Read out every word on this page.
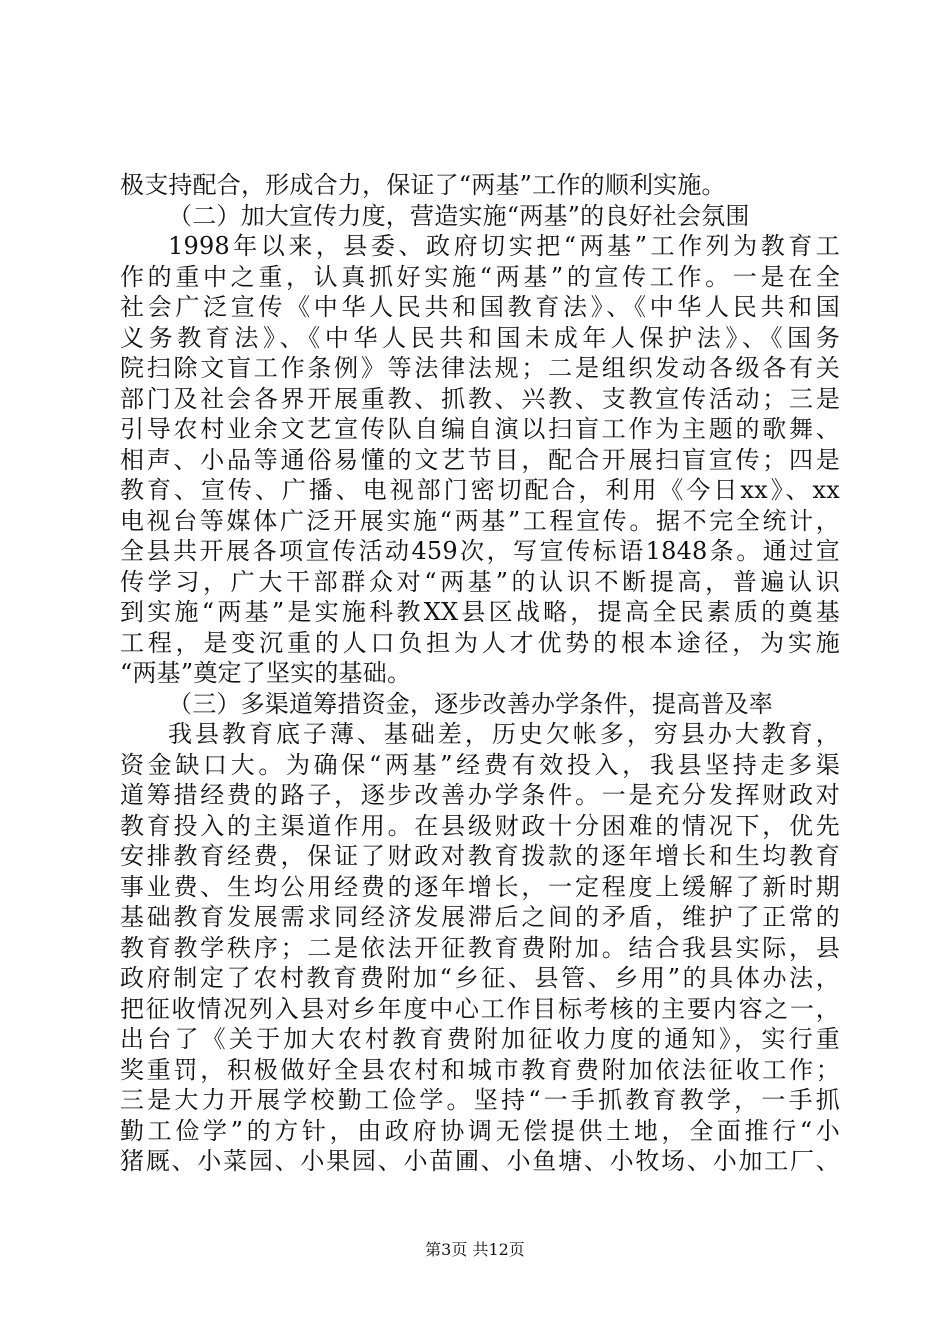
极支持配合，形成合力，保证了“两基”工作的顺利实施。
（二）加大宣传力度，营造实施“两基”的良好社会氛围
1998年以来，县委、政府切实把“两基”工作列为教育工
作的重中之重，认真抓好实施“两基”的宣传工作。一是在全
社会广泛宣传《中华人民共和国教育法》、《中华人民共和国
义务教育法》、《中华人民共和国未成年人保护法》、《国务
院扫除文盲工作条例》等法律法规；二是组织发动各级各有关
部门及社会各界开展重教、抓教、兴教、支教宣传活动；三是
引导农村业余文艺宣传队自编自演以扫盲工作为主题的歌舞、
相声、小品等通俗易懂的文艺节目，配合开展扫盲宣传；四是
教育、宣传、广播、电视部门密切配合，利用《今日xx》、xx
电视台等媒体广泛开展实施“两基”工程宣传。据不完全统计，
全县共开展各项宣传活动459次，写宣传标语1848条。通过宣
传学习，广大干部群众对“两基”的认识不断提高，普遍认识
到实施“两基”是实施科教XX县区战略，提高全民素质的奠基
工程，是变沉重的人口负担为人才优势的根本途径，为实施
“两基”奠定了坚实的基础。
（三）多渠道筹措资金，逐步改善办学条件，提高普及率
我县教育底子薄、基础差，历史欠帐多，穷县办大教育，
资金缺口大。为确保“两基”经费有效投入，我县坚持走多渠
道筹措经费的路子，逐步改善办学条件。一是充分发挥财政对
教育投入的主渠道作用。在县级财政十分困难的情况下，优先
安排教育经费，保证了财政对教育拨款的逐年增长和生均教育
事业费、生均公用经费的逐年增长，一定程度上缓解了新时期
基础教育发展需求同经济发展滞后之间的矛盾，维护了正常的
教育教学秩序；二是依法开征教育费附加。结合我县实际，县
政府制定了农村教育费附加“乡征、县管、乡用”的具体办法，
把征收情况列入县对乡年度中心工作目标考核的主要内容之一，
出台了《关于加大农村教育费附加征收力度的通知》，实行重
奖重罚，积极做好全县农村和城市教育费附加依法征收工作；
三是大力开展学校勤工俭学。坚持“一手抓教育教学，一手抓
勤工俭学”的方针，由政府协调无偿提供土地，全面推行“小
猪厩、小菜园、小果园、小苗圃、小鱼塘、小牧场、小加工厂、
第3页 共12页
